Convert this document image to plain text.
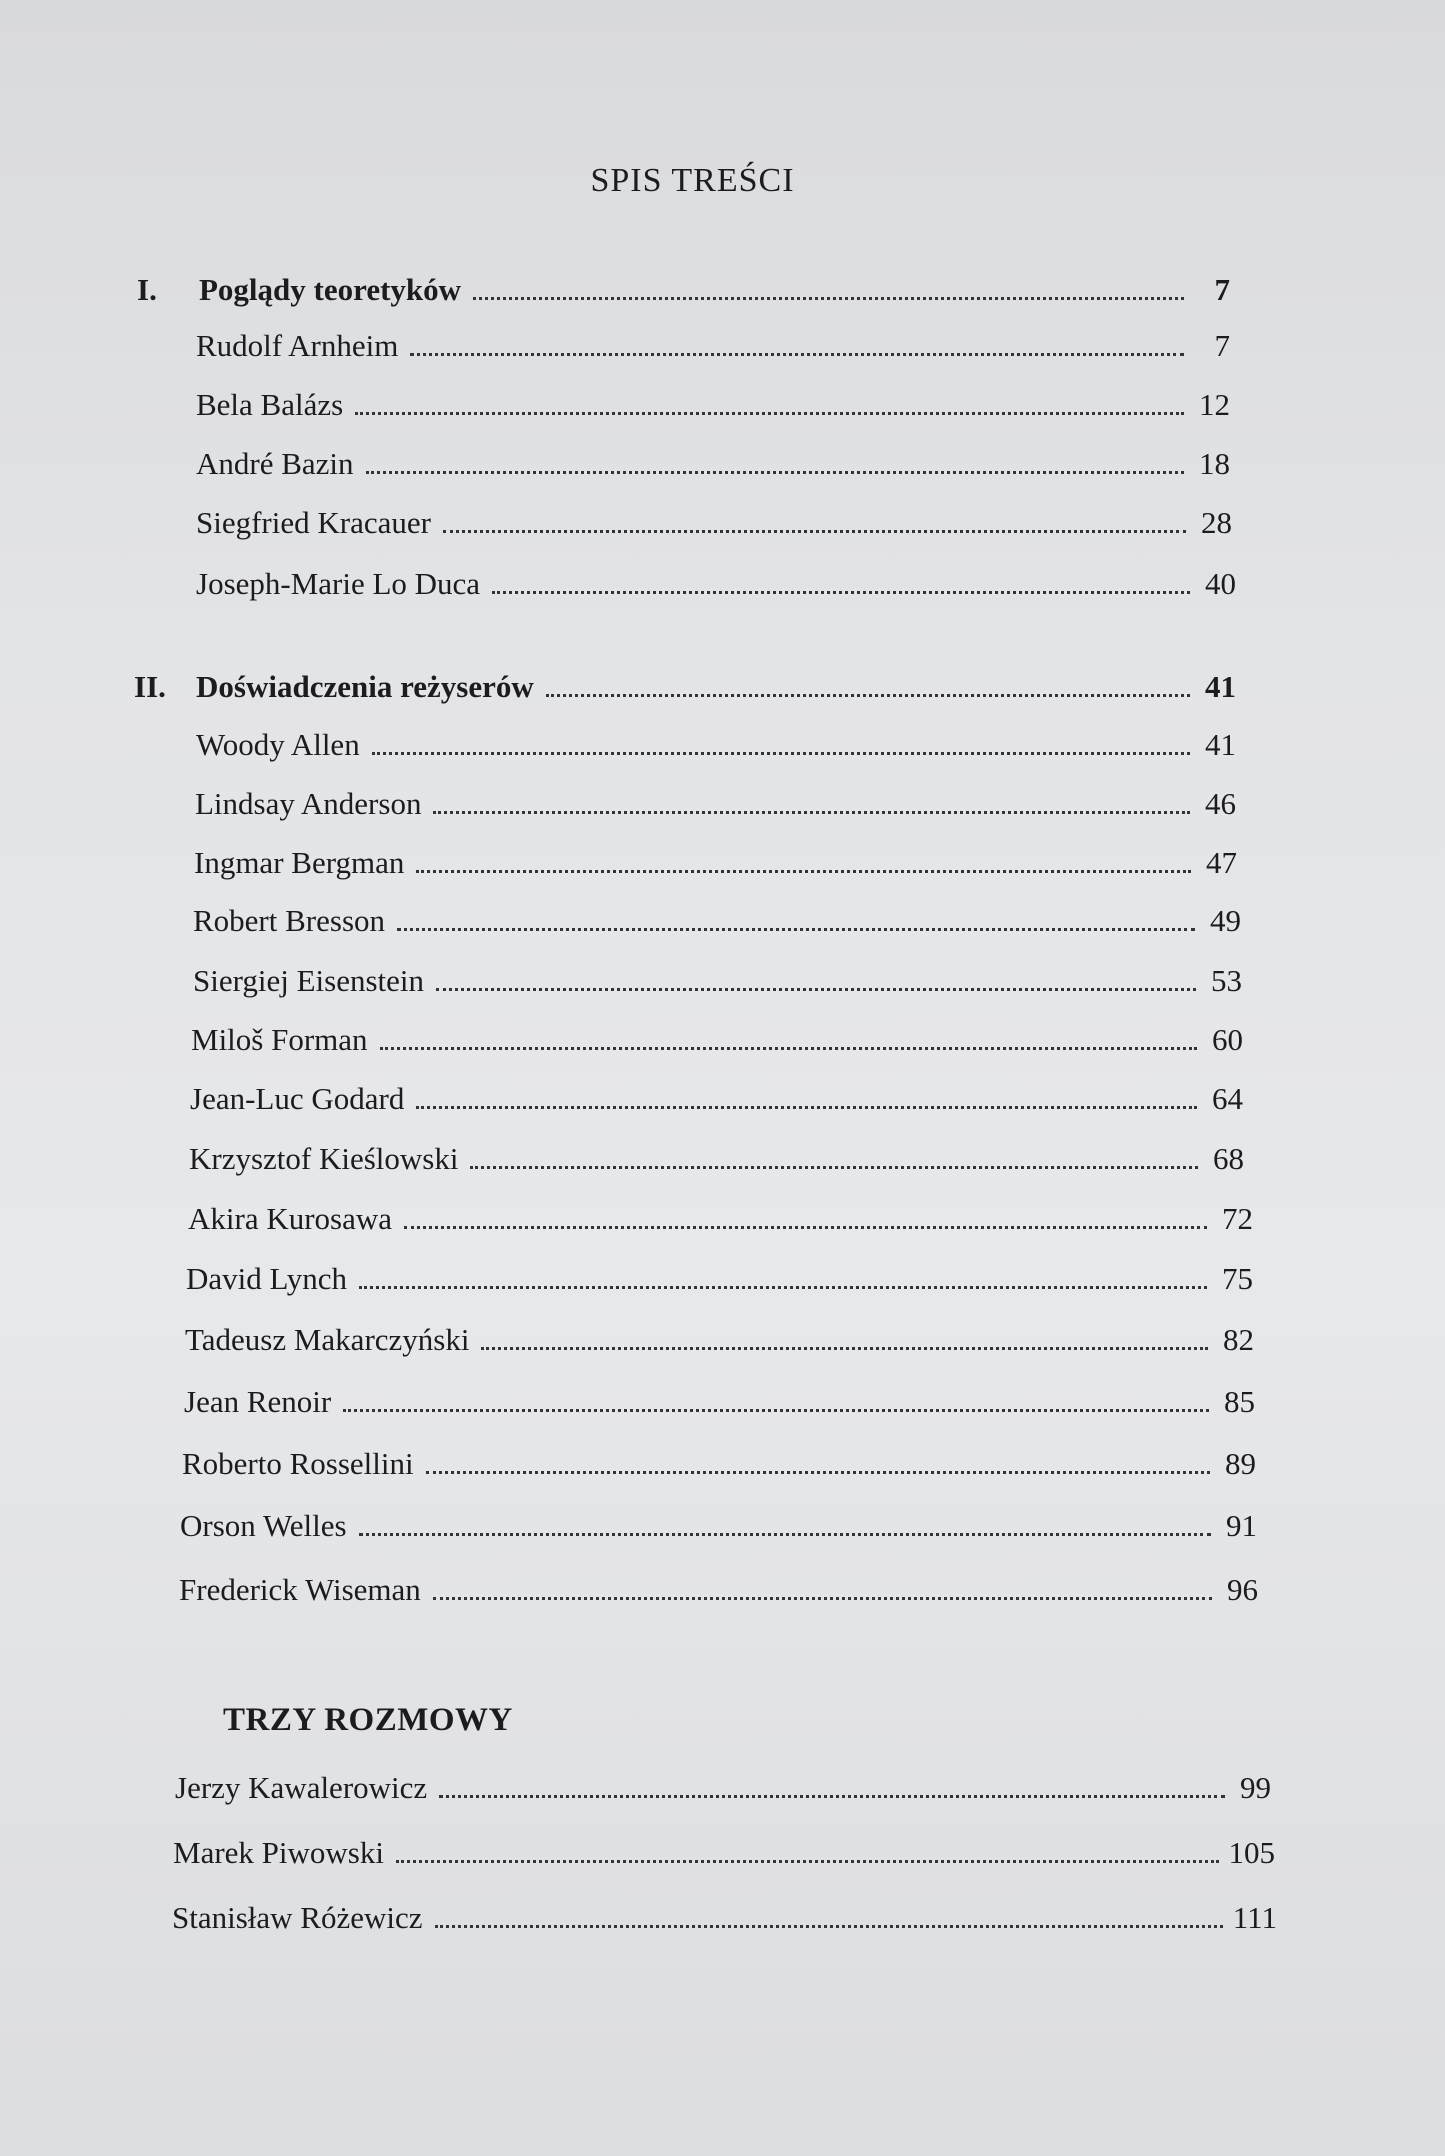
SPIS TREŚCI
I.	Poglądy teoretyków	7
Rudolf Arnheim	7
Bela Balázs	12
André Bazin	18
Siegfried Kracauer	28
Joseph-Marie Lo Duca	40
II. Doświadczenia reżyserów	41
Woody Allen	41
Lindsay Anderson	46
Ingmar Bergman	47
Robert Bresson	49
Siergiej Eisenstein	53
Miloš Forman	60
Jean-Luc Godard	64
Krzysztof Kieślowski	68
Akira Kurosawa	72
David Lynch	75
Tadeusz Makarczyński	82
Jean Renoir	85
Roberto Rossellini	89
Orson Welles	91
Frederick Wiseman	96
TRZY ROZMOWY
Jerzy Kawalerowicz	99
Marek Piwowski	105
Stanisław Różewicz	111
